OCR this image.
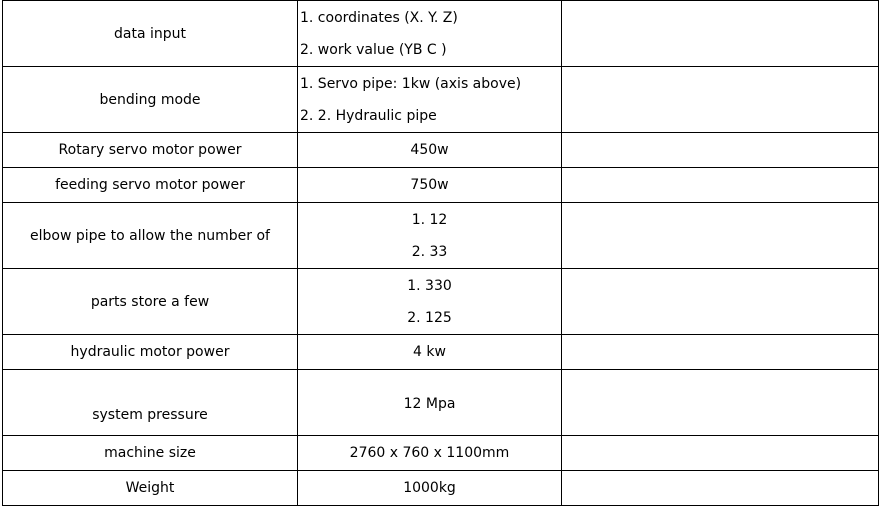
data input	1. coordinates (X. Y. Z)
2. work value (YB C )	

bending mode	1. Servo pipe: 1kw (axis above)
2. 2. Hydraulic pipe	

Rotary servo motor power	450w	
feeding servo motor power	750w	
elbow pipe to allow the number of	1. 12
2. 33	

parts store a few	1. 330
2. 125	

hydraulic motor power	4 kw	

system pressure	12 Mpa	

machine size	2760 x 760 x 1100mm	
Weight	1000kg	
